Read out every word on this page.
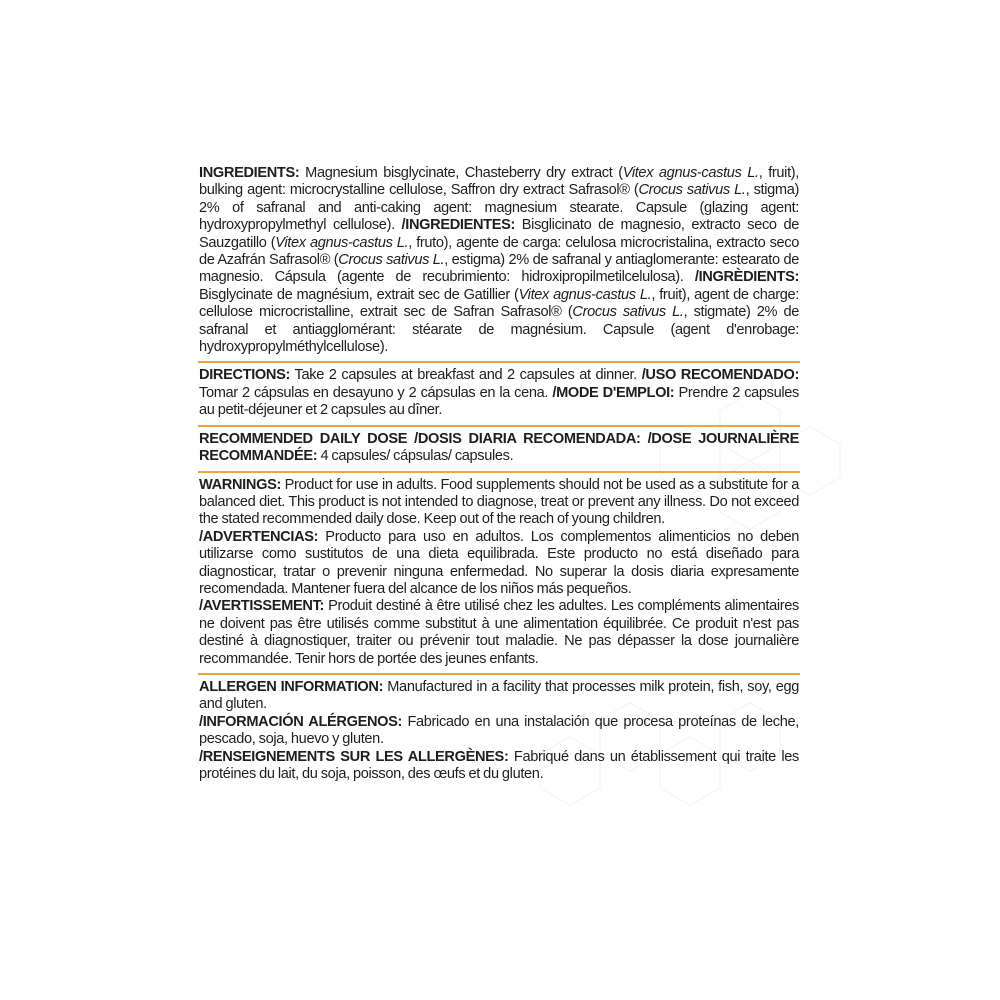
INGREDIENTS: Magnesium bisglycinate, Chasteberry dry extract (Vitex agnus-castus L., fruit), bulking agent: microcrystalline cellulose, Saffron dry extract Safrasol® (Crocus sativus L., stigma) 2% of safranal and anti-caking agent: magnesium stearate. Capsule (glazing agent: hydroxypropylmethyl cellulose). /INGREDIENTES: Bisglicinato de magnesio, extracto seco de Sauzgatillo (Vitex agnus-castus L., fruto), agente de carga: celulosa microcristalina, extracto seco de Azafrán Safrasol® (Crocus sativus L., estigma) 2% de safranal y antiaglomerante: estearato de magnesio. Cápsula (agente de recubrimiento: hidroxipropilmetilcelulosa). /INGRÈDIENTS: Bisglycinate de magnésium, extrait sec de Gatillier (Vitex agnus-castus L., fruit), agent de charge: cellulose microcristalline, extrait sec de Safran Safrasol® (Crocus sativus L., stigmate) 2% de safranal et antiagglomérant: stéarate de magnésium. Capsule (agent d'enrobage: hydroxypropylméthylcellulose).

DIRECTIONS: Take 2 capsules at breakfast and 2 capsules at dinner. /USO RECOMENDADO: Tomar 2 cápsulas en desayuno y 2 cápsulas en la cena. /MODE D'EMPLOI: Prendre 2 capsules au petit-déjeuner et 2 capsules au dîner.

RECOMMENDED DAILY DOSE /DOSIS DIARIA RECOMENDADA: /DOSE JOURNALIÈRE RECOMMANDÉE: 4 capsules/ cápsulas/ capsules.

WARNINGS: Product for use in adults. Food supplements should not be used as a substitute for a balanced diet. This product is not intended to diagnose, treat or prevent any illness. Do not exceed the stated recommended daily dose. Keep out of the reach of young children.

/ADVERTENCIAS: Producto para uso en adultos. Los complementos alimenticios no deben utilizarse como sustitutos de una dieta equilibrada. Este producto no está diseñado para diagnosticar, tratar o prevenir ninguna enfermedad. No superar la dosis diaria expresamente recomendada. Mantener fuera del alcance de los niños más pequeños.

/AVERTISSEMENT: Produit destiné à être utilisé chez les adultes. Les compléments alimentaires ne doivent pas être utilisés comme substitut à une alimentation équilibrée. Ce produit n'est pas destiné à diagnostiquer, traiter ou prévenir tout maladie. Ne pas dépasser la dose journalière recommandée. Tenir hors de portée des jeunes enfants.

ALLERGEN INFORMATION: Manufactured in a facility that processes milk protein, fish, soy, egg and gluten.

/INFORMACIÓN ALÉRGENOS: Fabricado en una instalación que procesa proteínas de leche, pescado, soja, huevo y gluten.

/RENSEIGNEMENTS SUR LES ALLERGÈNES: Fabriqué dans un établissement qui traite les protéines du lait, du soja, poisson, des œufs et du gluten.
